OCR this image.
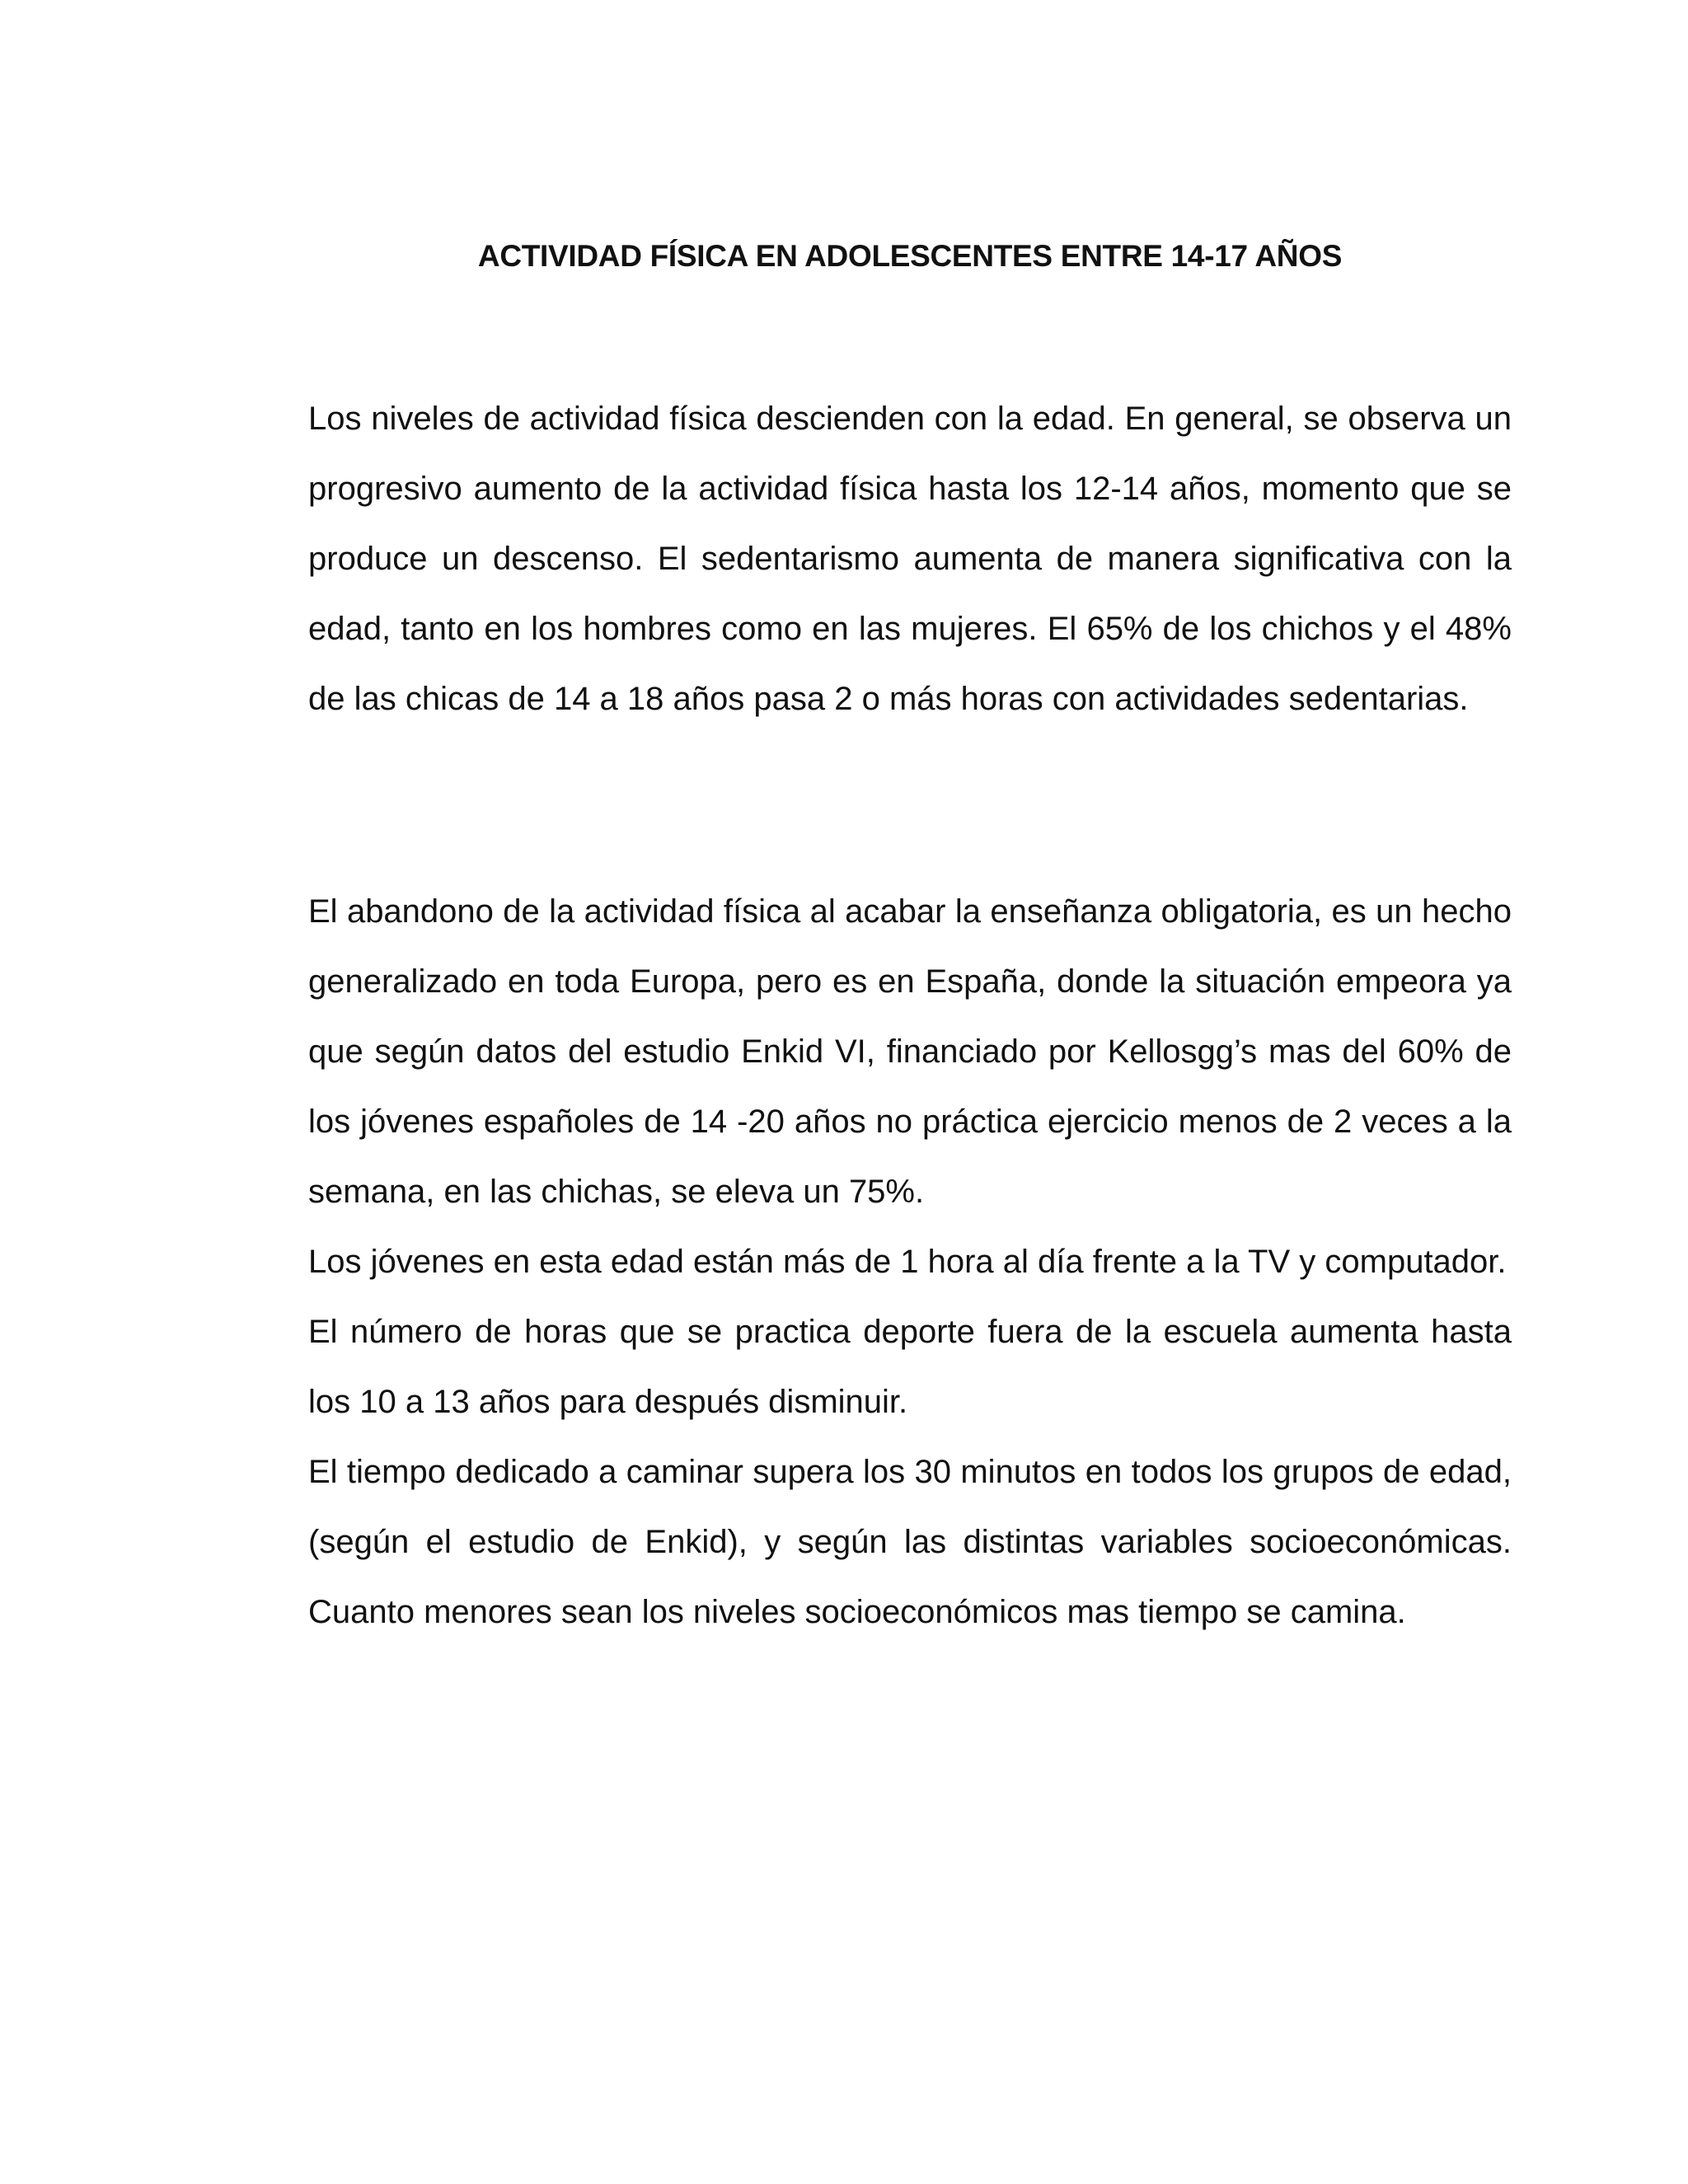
ACTIVIDAD FÍSICA EN ADOLESCENTES ENTRE 14-17 AÑOS

Los niveles de actividad física descienden con la edad. En general, se observa un progresivo aumento de la actividad física hasta los 12-14 años, momento que se produce un descenso. El sedentarismo aumenta de manera significativa con la edad, tanto en los hombres como en las mujeres. El 65% de los chichos y el 48% de las chicas de 14 a 18 años pasa 2 o más horas con actividades sedentarias.

El abandono de la actividad física al acabar la enseñanza obligatoria, es un hecho generalizado en toda Europa, pero es en España, donde la situación empeora ya que según datos del estudio Enkid VI, financiado por Kellosgg’s mas del 60% de los jóvenes españoles de 14 -20 años no práctica ejercicio menos de 2 veces a la semana, en las chichas, se eleva un 75%.

Los jóvenes en esta edad están más de 1 hora al día frente a la TV y computador.

El número de horas que se practica deporte fuera de la escuela aumenta hasta los 10 a 13 años para después disminuir.

El tiempo dedicado a caminar supera los 30 minutos en todos los grupos de edad, (según el estudio de Enkid), y según las distintas variables socioeconómicas. Cuanto menores sean los niveles socioeconómicos mas tiempo se camina.
